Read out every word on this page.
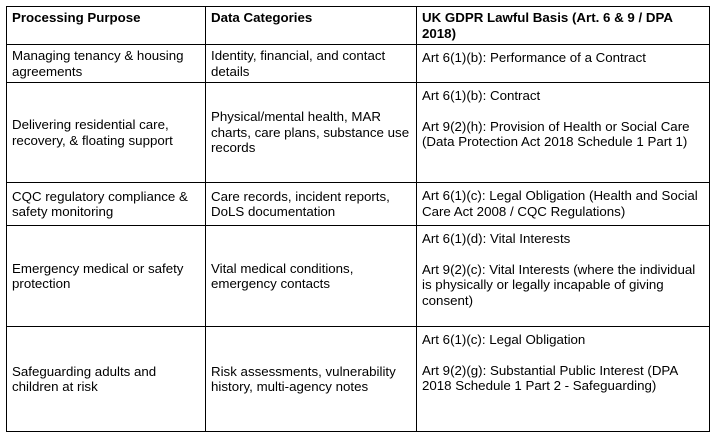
Processing Purpose	Data Categories	UK GDPR Lawful Basis (Art. 6 & 9 / DPA 2018)
Managing tenancy & housing agreements	Identity, financial, and contact details	Art 6(1)(b): Performance of a Contract

Delivering residential care, recovery, & floating support	Physical/mental health, MAR charts, care plans, substance use records	Art 6(1)(b): Contract

Art 9(2)(h): Provision of Health or Social Care (Data Protection Act 2018 Schedule 1 Part 1)

CQC regulatory compliance & safety monitoring	Care records, incident reports, DoLS documentation	Art 6(1)(c): Legal Obligation (Health and Social Care Act 2008 / CQC Regulations)

Emergency medical or safety protection	Vital medical conditions, emergency contacts	Art 6(1)(d): Vital Interests

Art 9(2)(c): Vital Interests (where the individual is physically or legally incapable of giving consent)

Safeguarding adults and children at risk	Risk assessments, vulnerability history, multi-agency notes	Art 6(1)(c): Legal Obligation

Art 9(2)(g): Substantial Public Interest (DPA 2018 Schedule 1 Part 2 - Safeguarding)
